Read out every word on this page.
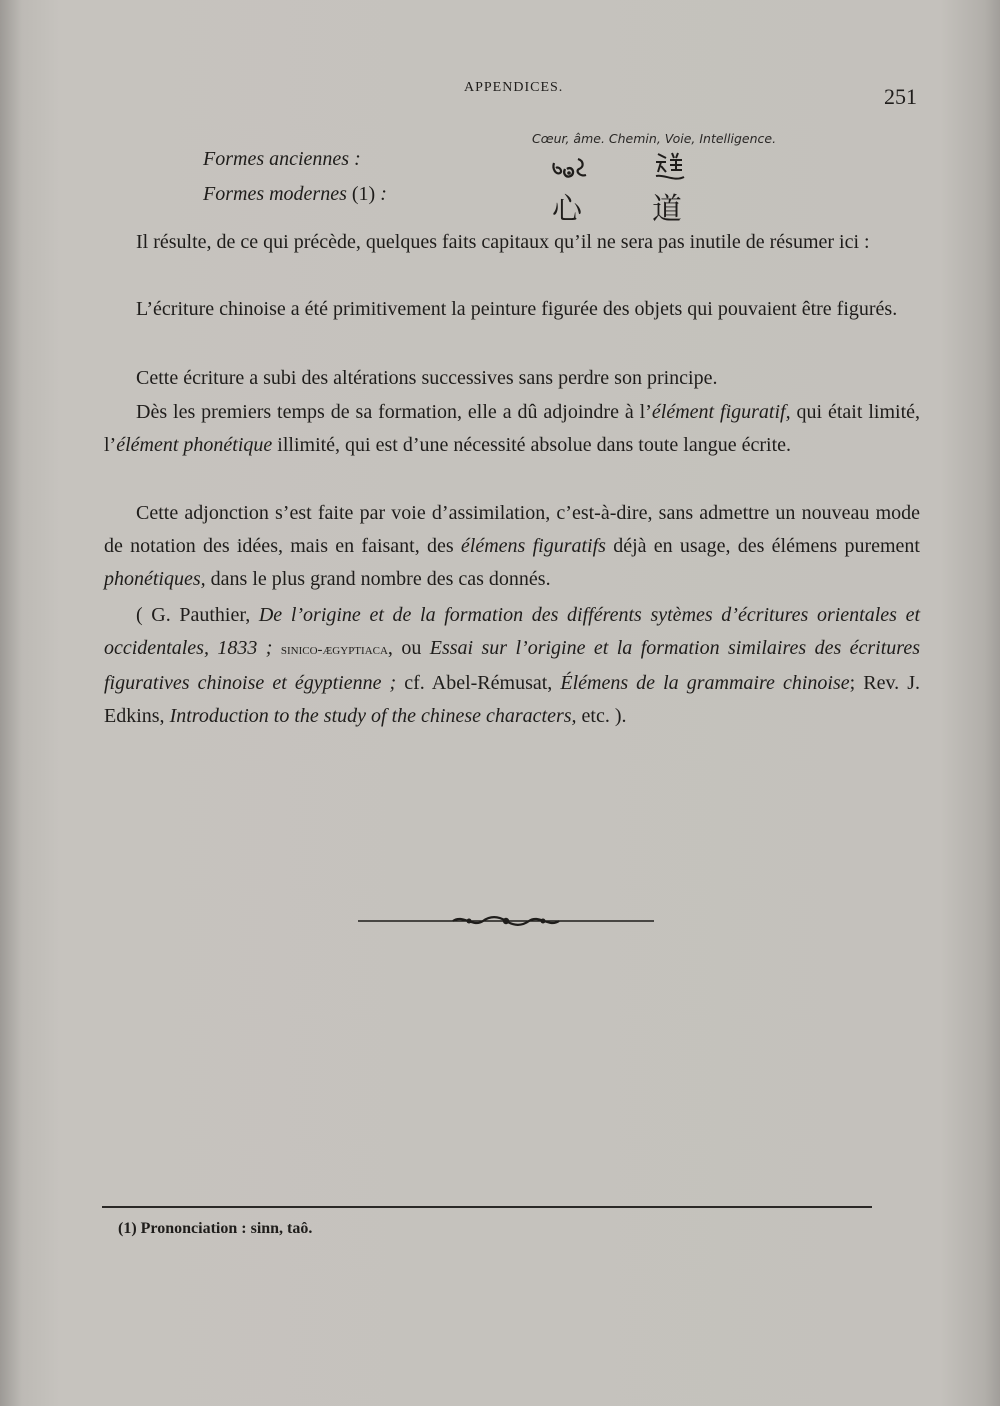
APPENDICES.	251
Cœur, âme. Chemin, Voie, Intelligence.
Formes anciennes :
Formes modernes (1) :	心 道
Il résulte, de ce qui précède, quelques faits capitaux qu’il ne sera pas inutile de résumer ici :
L’écriture chinoise a été primitivement la peinture figurée des objets qui pouvaient être figurés.
Cette écriture a subi des altérations successives sans perdre son principe.
Dès les premiers temps de sa formation, elle a dû adjoindre à l’élément figuratif, qui était limité, l’élément phonétique illimité, qui est d’une nécessité absolue dans toute langue écrite.
Cette adjonction s’est faite par voie d’assimilation, c’est-à-dire, sans admettre un nouveau mode de notation des idées, mais en faisant, des élémens figuratifs déjà en usage, des élémens purement phonétiques, dans le plus grand nombre des cas donnés.
( G. Pauthier, De l’origine et de la formation des différents sytèmes d’écritures orientales et occidentales, 1833 ; sinico-ægyptiaca, ou Essai sur l’origine et la formation similaires des écritures figuratives chinoise et égyptienne ; cf. Abel-Rémusat, Élémens de la grammaire chinoise; Rev. J. Edkins, Introduction to the study of the chinese characters, etc. ).
(1) Prononciation : sinn, taô.
